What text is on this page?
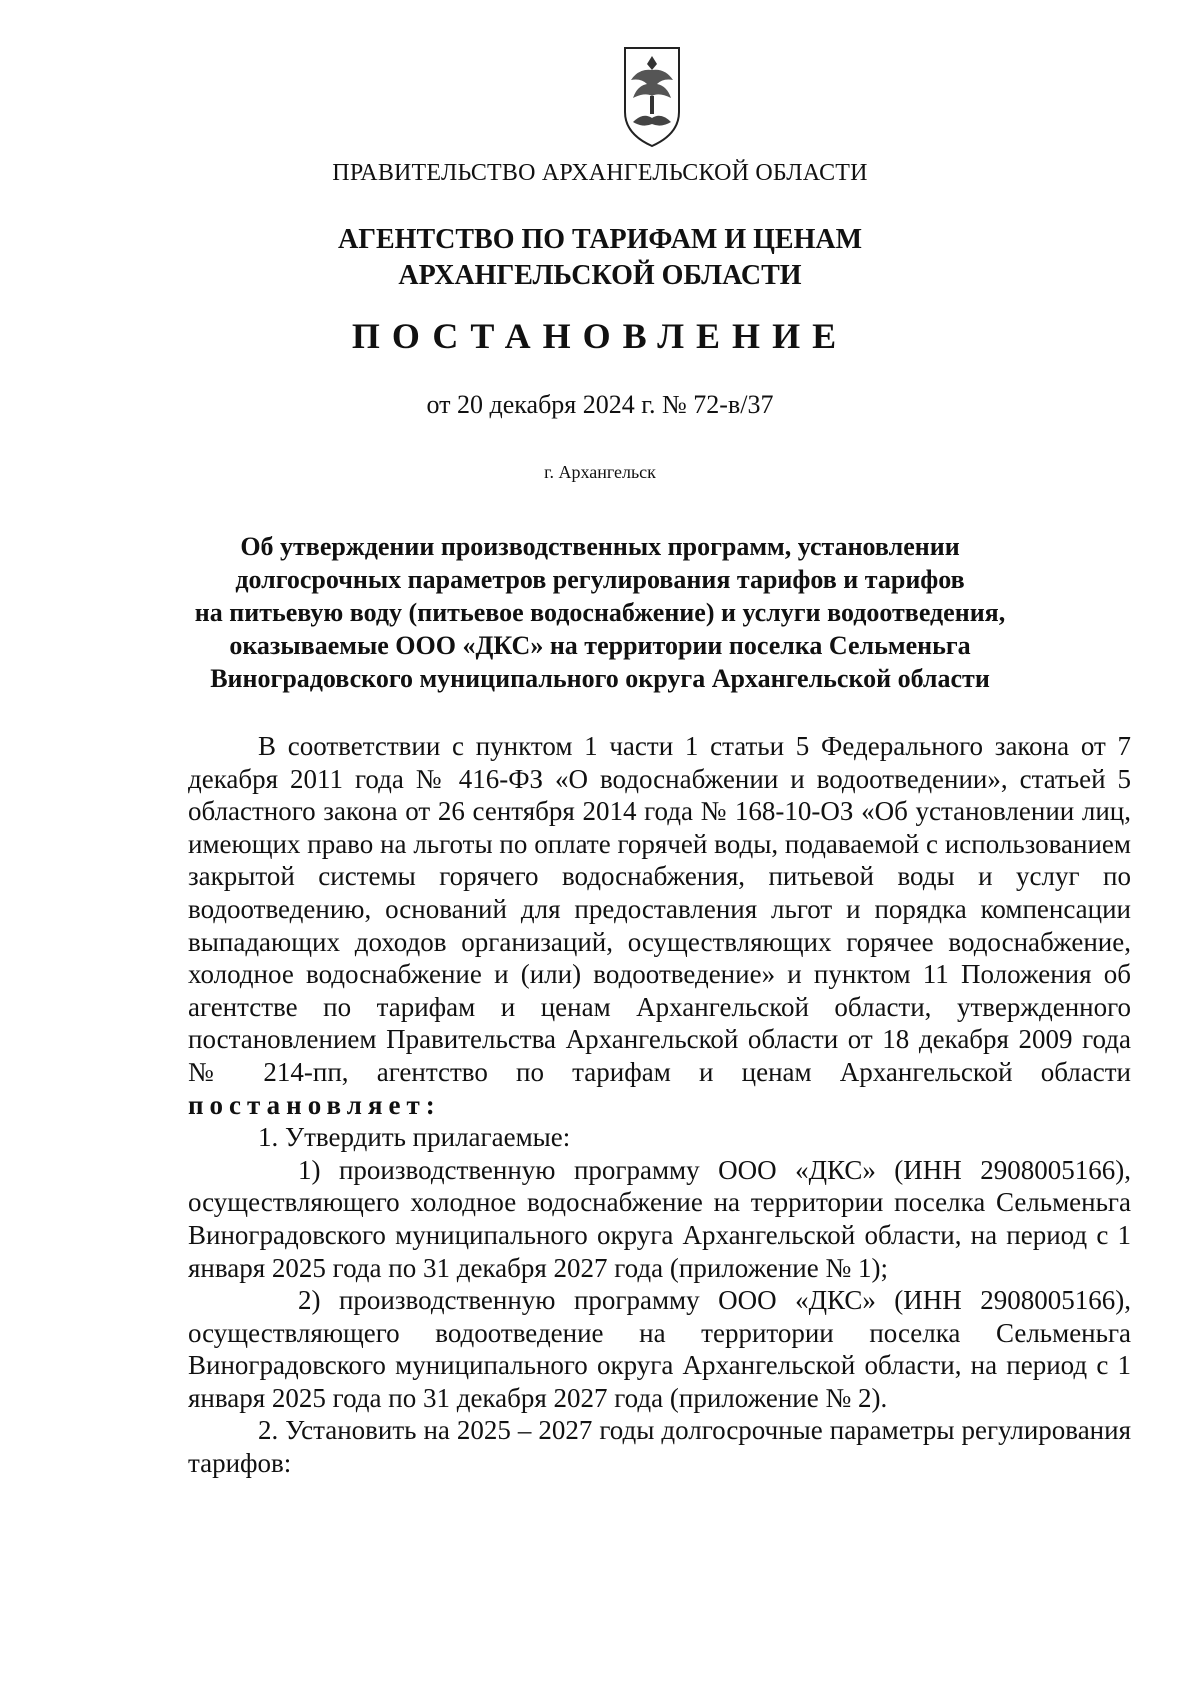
ПРАВИТЕЛЬСТВО АРХАНГЕЛЬСКОЙ ОБЛАСТИ
АГЕНТСТВО ПО ТАРИФАМ И ЦЕНАМ
АРХАНГЕЛЬСКОЙ ОБЛАСТИ
ПОСТАНОВЛЕНИЕ
от 20 декабря 2024 г. № 72-в/37
г. Архангельск
Об утверждении производственных программ, установлении
долгосрочных параметров регулирования тарифов и тарифов
на питьевую воду (питьевое водоснабжение) и услуги водоотведения,
оказываемые ООО «ДКС» на территории поселка Сельменьга
Виноградовского муниципального округа Архангельской области

В соответствии с пунктом 1 части 1 статьи 5 Федерального закона от 7 декабря 2011 года № 416-ФЗ «О водоснабжении и водоотведении», статьей 5 областного закона от 26 сентября 2014 года № 168-10-ОЗ «Об установлении лиц, имеющих право на льготы по оплате горячей воды, подаваемой с использованием закрытой системы горячего водоснабжения, питьевой воды и услуг по водоотведению, оснований для предоставления льгот и порядка компенсации выпадающих доходов организаций, осуществляющих горячее водоснабжение, холодное водоснабжение и (или) водоотведение» и пунктом 11 Положения об агентстве по тарифам и ценам Архангельской области, утвержденного постановлением Правительства Архангельской области от 18 декабря 2009 года № 214-пп, агентство по тарифам и ценам Архангельской области постановляет:

1. Утвердить прилагаемые:

1) производственную программу ООО «ДКС» (ИНН 2908005166), осуществляющего холодное водоснабжение на территории поселка Сельменьга Виноградовского муниципального округа Архангельской области, на период с 1 января 2025 года по 31 декабря 2027 года (приложение № 1);

2) производственную программу ООО «ДКС» (ИНН 2908005166), осуществляющего водоотведение на территории поселка Сельменьга Виноградовского муниципального округа Архангельской области, на период с 1 января 2025 года по 31 декабря 2027 года (приложение № 2).

2. Установить на 2025 – 2027 годы долгосрочные параметры регулирования тарифов:
